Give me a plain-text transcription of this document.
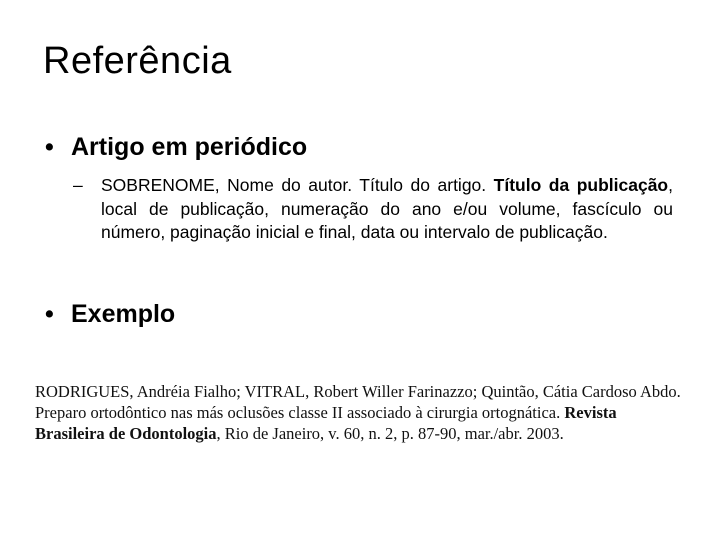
Referência
• Artigo em periódico
– SOBRENOME, Nome do autor. Título do artigo. Título da publicação, local de publicação, numeração do ano e/ou volume, fascículo ou número, paginação inicial e final, data ou intervalo de publicação.
• Exemplo
RODRIGUES, Andréia Fialho; VITRAL, Robert Willer Farinazzo; Quintão, Cátia Cardoso Abdo. Preparo ortodôntico nas más oclusões classe II associado à cirurgia ortognática. Revista Brasileira de Odontologia, Rio de Janeiro, v. 60, n. 2, p. 87-90, mar./abr. 2003.
